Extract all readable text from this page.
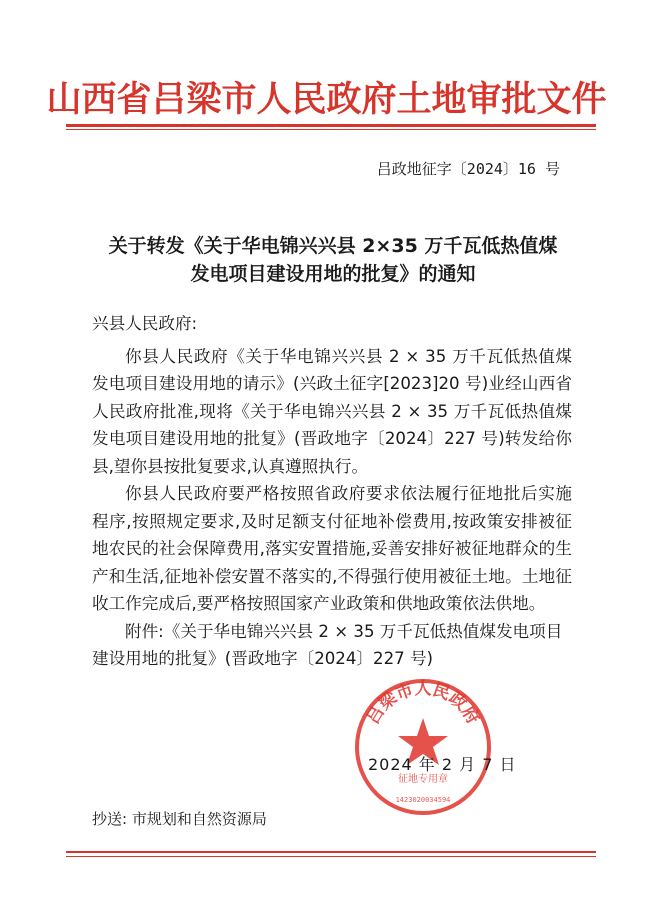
山西省吕梁市人民政府土地审批文件
吕政地征字〔2024〕16 号
关于转发《关于华电锦兴兴县 2×35 万千瓦低热值煤
发电项目建设用地的批复》的通知

兴县人民政府:

你县人民政府《关于华电锦兴兴县 2 × 35 万千瓦低热值煤发电项目建设用地的请示》(兴政土征字[2023]20 号)业经山西省人民政府批准,现将《关于华电锦兴兴县 2 × 35 万千瓦低热值煤发电项目建设用地的批复》(晋政地字〔2024〕227 号)转发给你县,望你县按批复要求,认真遵照执行。

你县人民政府要严格按照省政府要求依法履行征地批后实施程序,按照规定要求,及时足额支付征地补偿费用,按政策安排被征地农民的社会保障费用,落实安置措施,妥善安排好被征地群众的生产和生活,征地补偿安置不落实的,不得强行使用被征土地。土地征收工作完成后,要严格按照国家产业政策和供地政策依法供地。

附件:《关于华电锦兴兴县 2 × 35 万千瓦低热值煤发电项目建设用地的批复》(晋政地字〔2024〕227 号)

吕梁市人民政府
征地专用章
1423020034594
2024 年 2 月 7 日
抄送: 市规划和自然资源局
